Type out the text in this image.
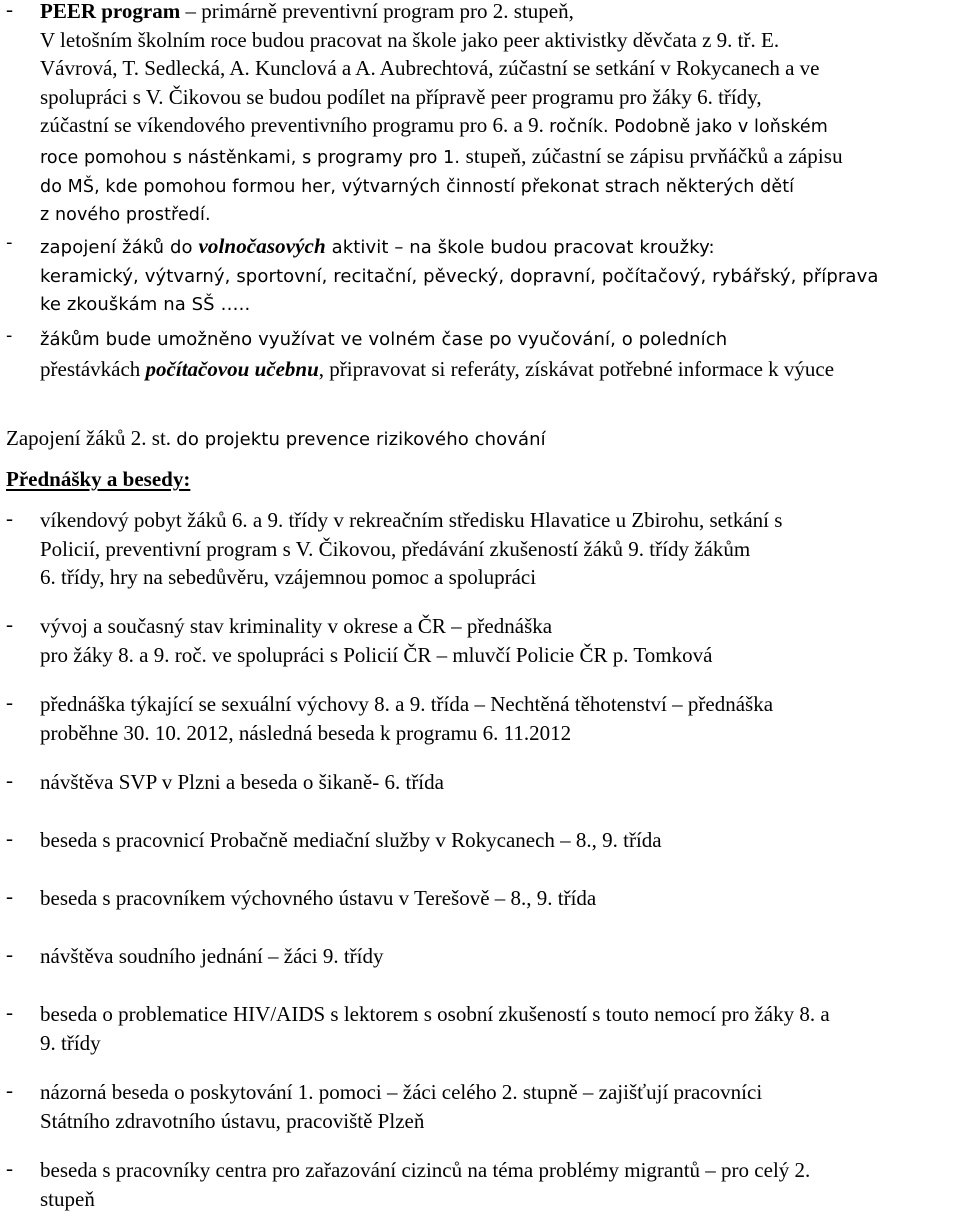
-	PEER program – primárně preventivní program pro 2. stupeň,
V letošním školním roce budou pracovat na škole jako peer aktivistky děvčata z 9. tř. E.
Vávrová, T. Sedlecká, A. Kunclová a A. Aubrechtová, zúčastní se setkání v Rokycanech a ve
spolupráci s V. Čikovou se budou podílet na přípravě peer programu pro žáky 6. třídy,
zúčastní se víkendového preventivního programu pro 6. a 9. ročník. Podobně jako v loňském
roce pomohou s nástěnkami, s programy pro 1. stupeň, zúčastní se zápisu prvňáčků a zápisu
do MŠ, kde pomohou formou her, výtvarných činností překonat strach některých dětí
z nového prostředí.
-	zapojení žáků do volnočasových aktivit – na škole budou pracovat kroužky:
keramický, výtvarný, sportovní, recitační, pěvecký, dopravní, počítačový, rybářský, příprava
ke zkouškám na SŠ …..
-	žákům bude umožněno využívat ve volném čase po vyučování, o poledních
přestávkách počítačovou učebnu, připravovat si referáty, získávat potřebné informace k výuce
Zapojení žáků 2. st. do projektu prevence rizikového chování
Přednášky a besedy:
-	víkendový pobyt žáků 6. a 9. třídy v rekreačním středisku Hlavatice u Zbirohu, setkání s
Policií, preventivní program s V. Čikovou, předávání zkušeností žáků 9. třídy žákům
6. třídy, hry na sebedůvěru, vzájemnou pomoc a spolupráci
-	vývoj a současný stav kriminality v okrese a ČR – přednáška
pro žáky 8. a 9. roč. ve spolupráci s Policií ČR – mluvčí Policie ČR p. Tomková
-	přednáška týkající se sexuální výchovy 8. a 9. třída – Nechtěná těhotenství – přednáška
proběhne 30. 10. 2012, následná beseda k programu 6. 11.2012
-	návštěva SVP v Plzni a beseda o šikaně- 6. třída
-	beseda s pracovnicí Probačně mediační služby v Rokycanech – 8., 9. třída
-	beseda s pracovníkem výchovného ústavu v Terešově – 8., 9. třída
-	návštěva soudního jednání – žáci 9. třídy
-	beseda o problematice HIV/AIDS s lektorem s osobní zkušeností s touto nemocí pro žáky 8. a
9. třídy
-	názorná beseda o poskytování 1. pomoci – žáci celého 2. stupně – zajišťují pracovníci
Státního zdravotního ústavu, pracoviště Plzeň
-	beseda s pracovníky centra pro zařazování cizinců na téma problémy migrantů – pro celý 2.
stupeň
